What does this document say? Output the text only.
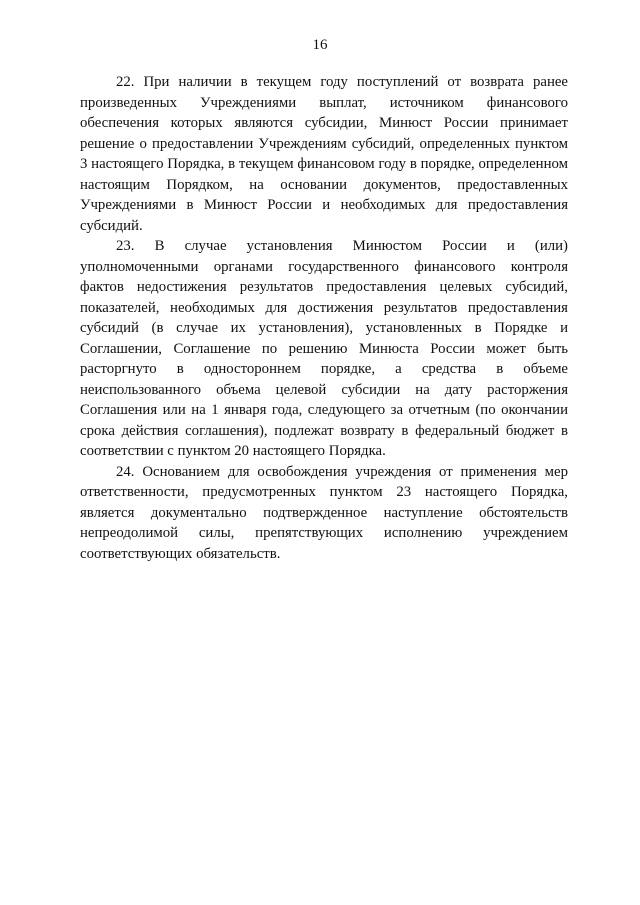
16

22. При наличии в текущем году поступлений от возврата ранее произведенных Учреждениями выплат, источником финансового обеспечения которых являются субсидии, Минюст России принимает решение о предоставлении Учреждениям субсидий, определенных пунктом 3 настоящего Порядка, в текущем финансовом году в порядке, определенном настоящим Порядком, на основании документов, предоставленных Учреждениями в Минюст России и необходимых для предоставления субсидий.

23. В случае установления Минюстом России и (или) уполномоченными органами государственного финансового контроля фактов недостижения результатов предоставления целевых субсидий, показателей, необходимых для достижения результатов предоставления субсидий (в случае их установления), установленных в Порядке и Соглашении, Соглашение по решению Минюста России может быть расторгнуто в одностороннем порядке, а средства в объеме неиспользованного объема целевой субсидии на дату расторжения Соглашения или на 1 января года, следующего за отчетным (по окончании срока действия соглашения), подлежат возврату в федеральный бюджет в соответствии с пунктом 20 настоящего Порядка.

24. Основанием для освобождения учреждения от применения мер ответственности, предусмотренных пунктом 23 настоящего Порядка, является документально подтвержденное наступление обстоятельств непреодолимой силы, препятствующих исполнению учреждением соответствующих обязательств.
